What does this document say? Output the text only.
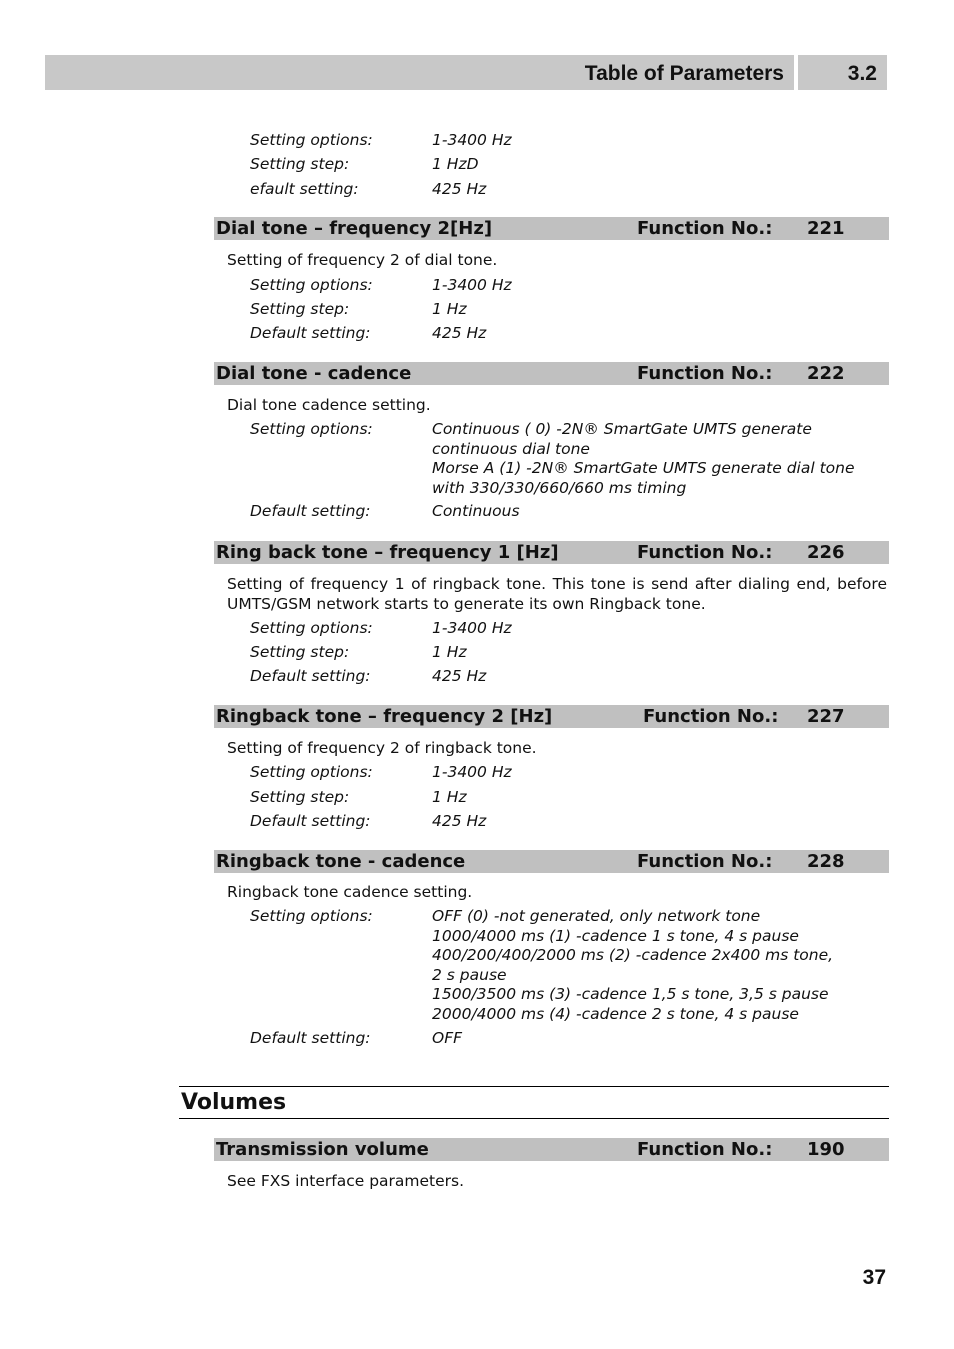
Table of Parameters	3.2
Setting options:	1-3400 Hz
Setting step:	1 HzD
efault setting:	425 Hz
Dial tone – frequency 2[Hz]	Function No.: 221
Setting of frequency 2 of dial tone.
Setting options:	1-3400 Hz
Setting step:	1 Hz
Default setting:	425 Hz
Dial tone - cadence	Function No.: 222
Dial tone cadence setting.
Setting options:	Continuous ( 0) -2N® SmartGate UMTS generate
continuous dial tone
Morse A (1) -2N® SmartGate UMTS generate dial tone
with 330/330/660/660 ms timing
Default setting:	Continuous
Ring back tone – frequency 1 [Hz]	Function No.: 226
Setting of frequency 1 of ringback tone. This tone is send after dialing end, before UMTS/GSM network starts to generate its own Ringback tone.
Setting options:	1-3400 Hz
Setting step:	1 Hz
Default setting:	425 Hz
Ringback tone – frequency 2 [Hz]	Function No.: 227
Setting of frequency 2 of ringback tone.
Setting options:	1-3400 Hz
Setting step:	1 Hz
Default setting:	425 Hz
Ringback tone - cadence	Function No.: 228
Ringback tone cadence setting.
Setting options:	OFF (0) -not generated, only network tone
1000/4000 ms (1) -cadence 1 s tone, 4 s pause
400/200/400/2000 ms (2) -cadence 2x400 ms tone,
2 s pause
1500/3500 ms (3) -cadence 1,5 s tone, 3,5 s pause
2000/4000 ms (4) -cadence 2 s tone, 4 s pause
Default setting:	OFF
Volumes
Transmission volume	Function No.: 190
See FXS interface parameters.
37
